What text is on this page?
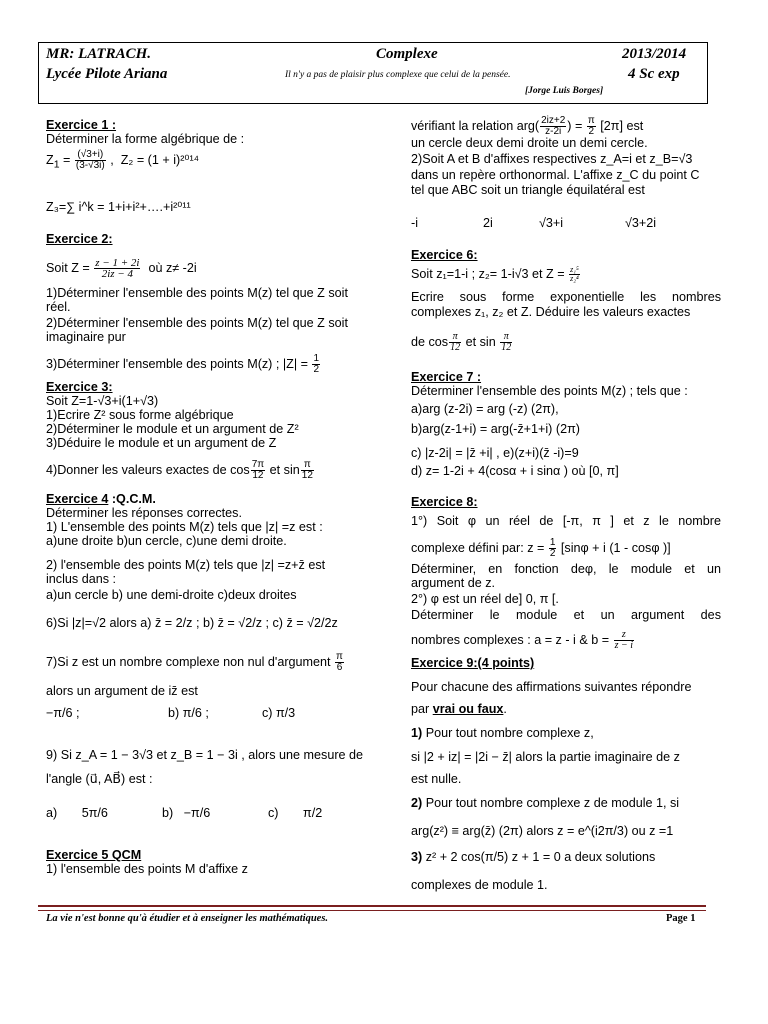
MR: LATRACH.
Lycée Pilote Ariana
Complexe
Il n'y a pas de plaisir plus complexe que celui de la pensée.
[Jorge Luis Borges]
2013/2014
4 Sc exp
Exercice 1 :
Déterminer la forme algébrique de :
$Z_1 = \frac{(√3+i)}{(3-√3i)}$ ,  Z₂ = (1 + i)²⁰¹⁴
Z₃=∑ i^k = 1+i+i²+….+i²⁰¹¹
Exercice 2:
Soit $Z = \frac{z - 1 + 2i}{2iz - 4}$ où z≠ -2i
1)Déterminer l'ensemble des points M(z) tel que Z soit
réel.
2)Déterminer l'ensemble des points M(z) tel que Z soit
imaginaire pur
3)Déterminer l'ensemble des points M(z) ; $|Z| = \frac{1}{2}$
Exercice 3:
Soit Z=1-√3+i(1+√3)
1)Ecrire Z² sous forme algébrique
2)Déterminer le module et un argument de Z²
3)Déduire le module et un argument de Z
4)Donner les valeurs exactes de $\cos \frac{7\pi}{12}$ et $\sin \frac{\pi}{12}$
Exercice 4 :Q.C.M.
Déterminer les réponses correctes.
1) L'ensemble des points M(z) tels que |z| =z est :
a)une droite b)un cercle, c)une demi droite.
2) l'ensemble des points M(z) tels que |z| =z+z̄ est
inclus dans :
a)un cercle b) une demi-droite c)deux droites
6)Si |z|=√2 alors a) z̄ = 2/z ; b) z̄ = √2/z ; c) z̄ = √2/2z
7)Si z est un nombre complexe non nul d'argument $\frac{\pi}{6}$
alors un argument de iz̄ est
−π/6 ;	b) π/6 ;	c) π/3
9) Si z_A = 1 − 3√3 et z_B = 1 − 3i , alors une mesure de
l'angle (u⃗, AB⃗) est :
a) 5π/6	b) −π/6	c) π/2
Exercice 5 QCM
1) l'ensemble des points M d'affixe z
vérifiant la relation $arg( \frac{2iz+2}{z-2i}$ ) = $\frac{\pi}{2} [2\pi]$ est
un cercle deux demi droite un demi cercle.
2)Soit A et B d'affixes respectives z_A=i et z_B=√3
dans un repère orthonormal. L'affixe z_C du point C
tel que ABC soit un triangle équilatéral est
-i	2i	√3+i	√3+2i
Exercice 6:
Soit z₁=1-i ; z₂= 1-i√3 et $Z = \frac{\text{z₁⁵}}{\text{z₂⁴}}$
Ecrire sous forme exponentielle les nombres
complexes z₁, z₂ et Z. Déduire les valeurs exactes
de $\cos \frac{\pi}{12}$ et $\sin \frac{\pi}{12}$
Exercice 7 :
Déterminer l'ensemble des points M(z) ; tels que :
a)arg (z-2i) = arg (-z) (2π),
b)arg(z-1+i) = arg(-z̄+1+i) (2π)
c) |z-2i| = |z̄ +i| , e)(z+i)(z̄ -i)=9
d) z= 1-2i + 4(cosα + i sinα ) où [0, π]
Exercice 8:
1°) Soit φ un réel de [-π, π ] et z le nombre
complexe défini par: $z = \frac{1}{2} [\sin\varphi + i$ (1 - cosφ )]
Déterminer, en fonction deφ, le module et un
argument de z.
2°) φ est un réel de] 0, π [.
Déterminer le module et un argument des
nombres complexes : a = z - i & $b = \frac{z}{z - i}$
Exercice 9:(4 points)
Pour chacune des affirmations suivantes répondre
par vrai ou faux.
1) Pour tout nombre complexe z,
si |2 + iz| = |2i − z̄| alors la partie imaginaire de z
est nulle.
2) Pour tout nombre complexe z de module 1, si
arg(z²) ≡ arg(z̄) (2π) alors z = e^(i2π/3) ou z =1
3) z² + 2 cos(π/5) z + 1 = 0 a deux solutions
complexes de module 1.
La vie n'est bonne qu'à étudier et à enseigner les mathématiques.	Page 1
